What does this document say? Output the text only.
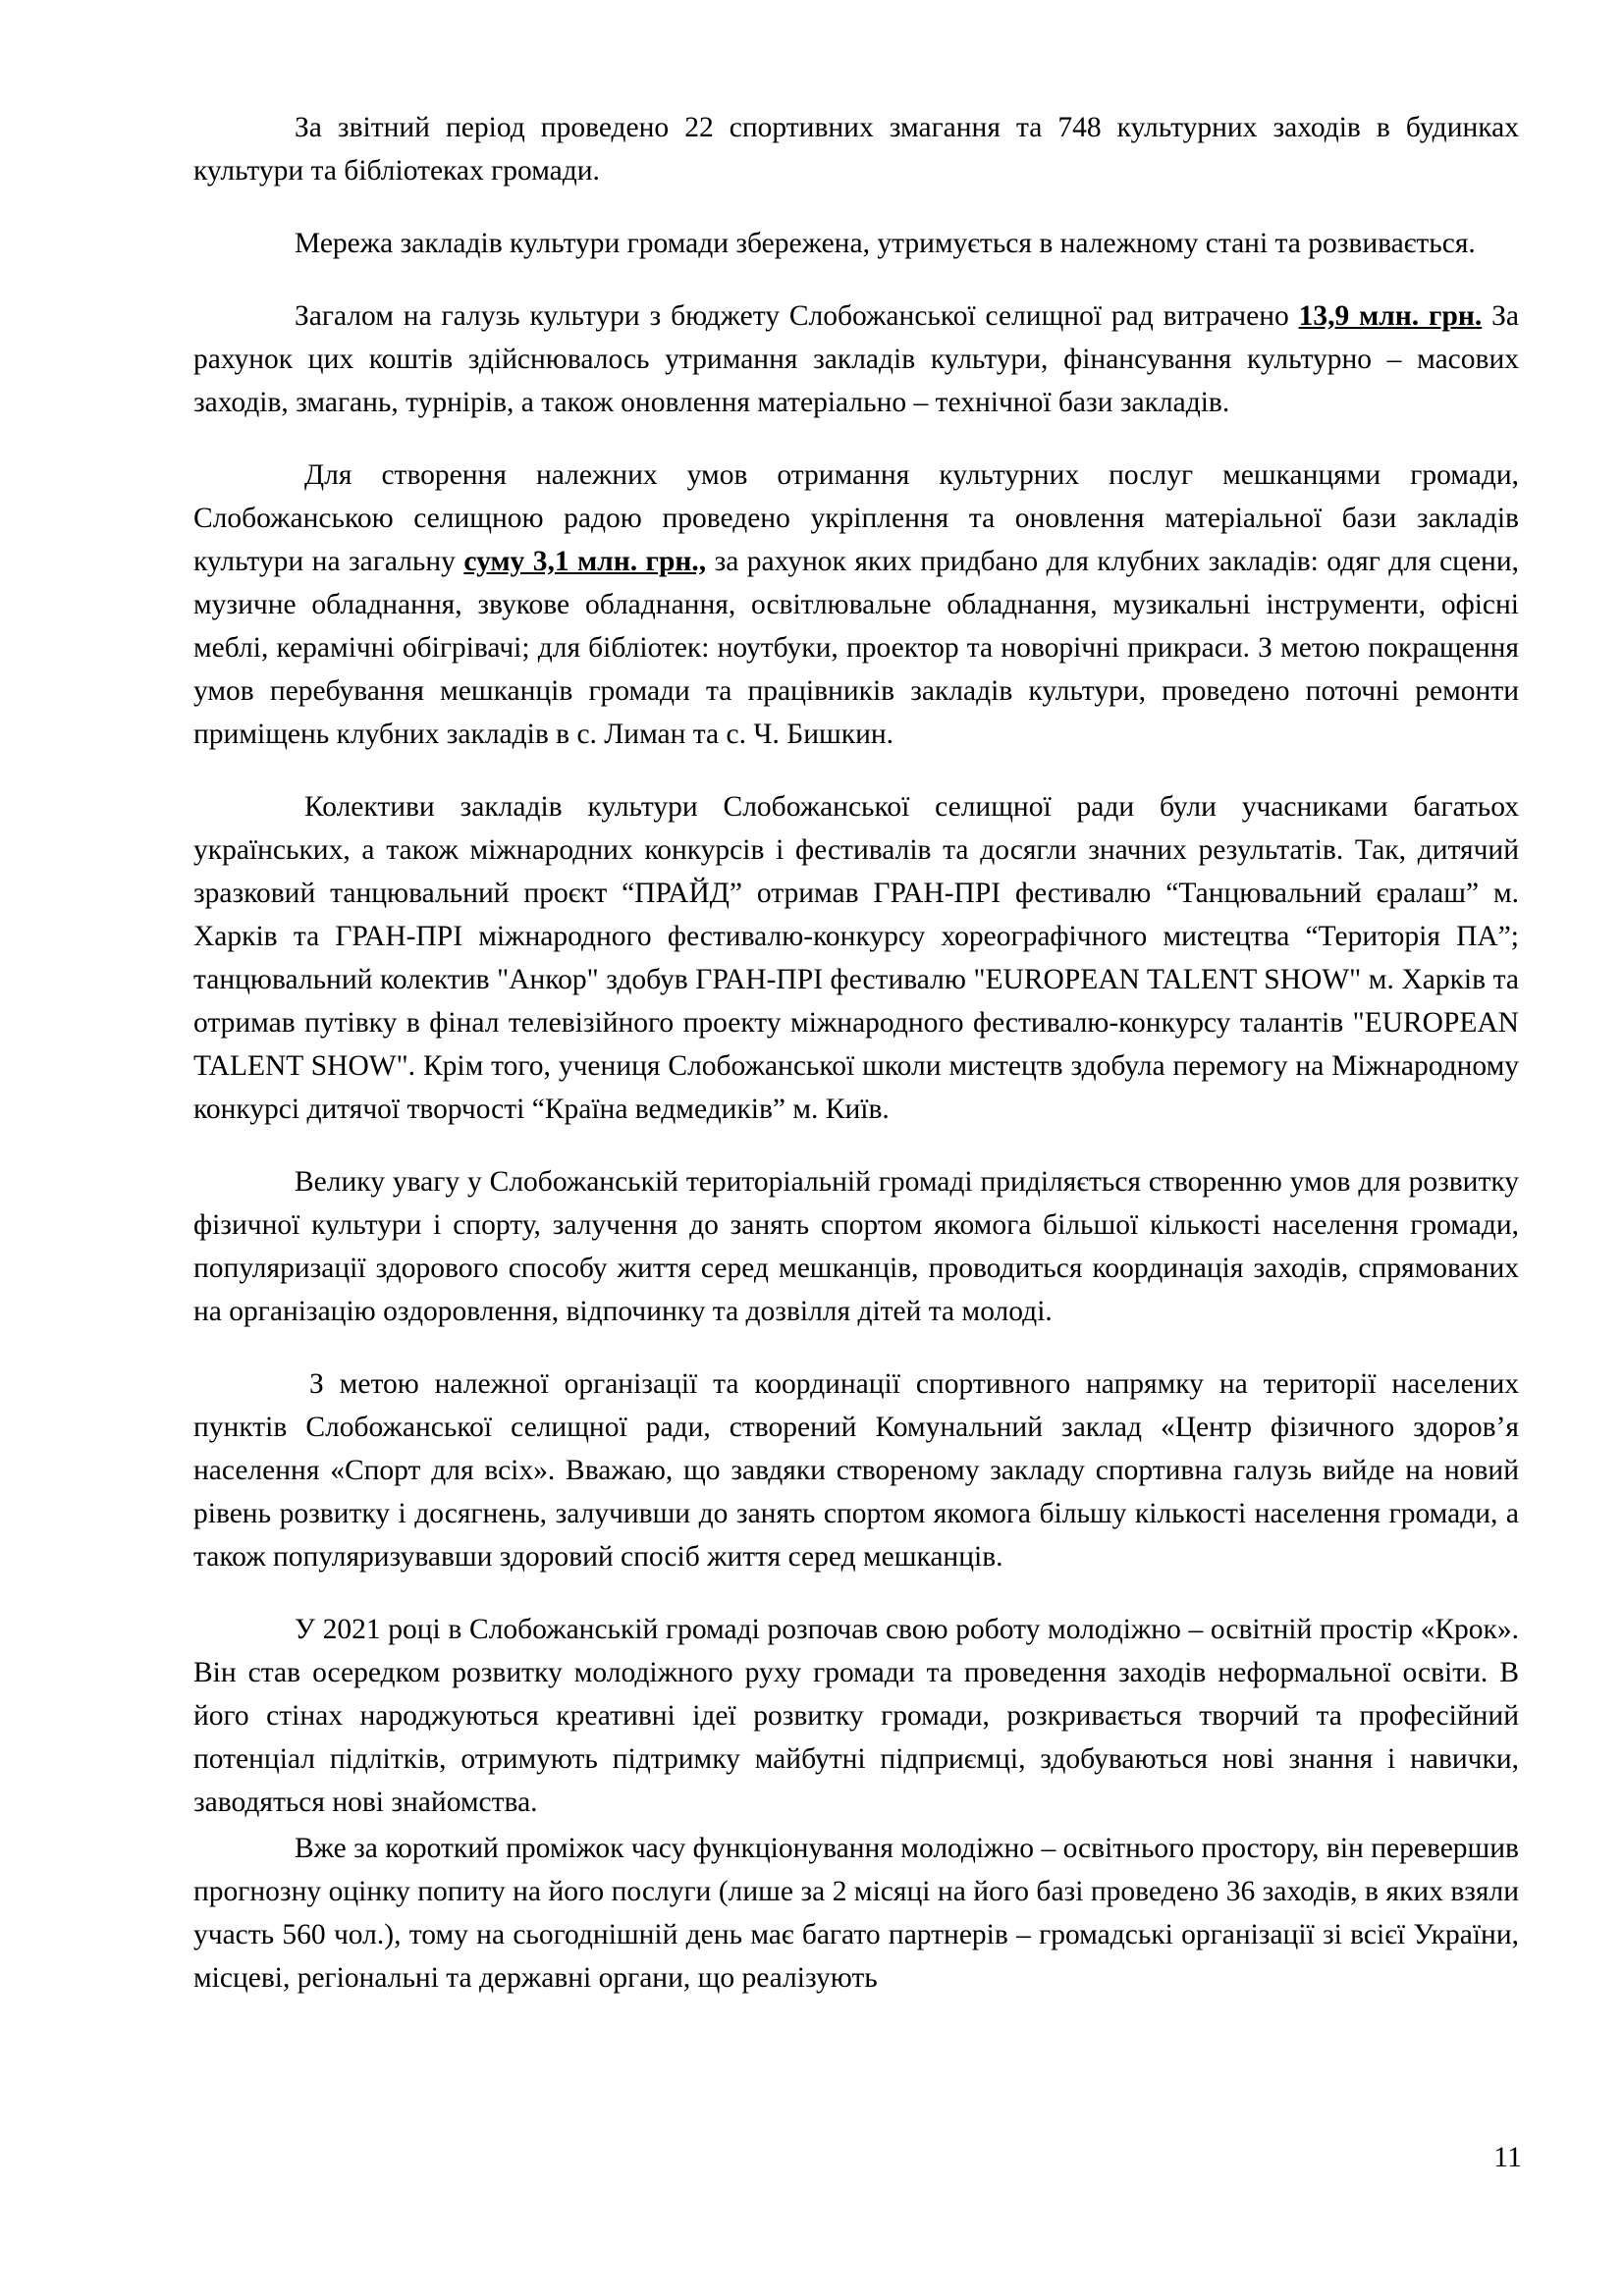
За звітний період проведено 22 спортивних змагання та 748 культурних заходів в будинках культури та бібліотеках громади.

Мережа закладів культури громади збережена, утримується в належному стані та розвивається.

Загалом на галузь культури з бюджету Слобожанської селищної рад витрачено 13,9 млн. грн. За рахунок цих коштів здійснювалось утримання закладів культури, фінансування культурно – масових заходів, змагань, турнірів, а також оновлення матеріально – технічної бази закладів.

Для створення належних умов отримання культурних послуг мешканцями громади, Слобожанською селищною радою проведено укріплення та оновлення матеріальної бази закладів культури на загальну суму 3,1 млн. грн., за рахунок яких придбано для клубних закладів: одяг для сцени, музичне обладнання, звукове обладнання, освітлювальне обладнання, музикальні інструменти, офісні меблі, керамічні обігрівачі; для бібліотек: ноутбуки, проектор та новорічні прикраси. З метою покращення умов перебування мешканців громади та працівників закладів культури, проведено поточні ремонти приміщень клубних закладів в с. Лиман та с. Ч. Бишкин.

Колективи закладів культури Слобожанської селищної ради були учасниками багатьох українських, а також міжнародних конкурсів і фестивалів та досягли значних результатів. Так, дитячий зразковий танцювальний проєкт “ПРАЙД” отримав ГРАН-ПРІ фестивалю “Танцювальний єралаш” м. Харків та ГРАН-ПРІ міжнародного фестивалю-конкурсу хореографічного мистецтва “Територія ПА”; танцювальний колектив "Анкор" здобув ГРАН-ПРІ фестивалю "EUROPEAN TALENT SHOW" м. Харків та отримав путівку в фінал телевізійного проекту міжнародного фестивалю-конкурсу талантів "EUROPEAN TALENT SHOW". Крім того, учениця Слобожанської школи мистецтв здобула перемогу на Міжнародному конкурсі дитячої творчості “Країна ведмедиків” м. Київ.

Велику увагу у Слобожанській територіальній громаді приділяється створенню умов для розвитку фізичної культури і спорту, залучення до занять спортом якомога більшої кількості населення громади, популяризації здорового способу життя серед мешканців, проводиться координація заходів, спрямованих на організацію оздоровлення, відпочинку та дозвілля дітей та молоді.

З метою належної організації та координації спортивного напрямку на території населених пунктів Слобожанської селищної ради, створений Комунальний заклад «Центр фізичного здоров’я населення «Спорт для всіх». Вважаю, що завдяки створеному закладу спортивна галузь вийде на новий рівень розвитку і досягнень, залучивши до занять спортом якомога більшу кількості населення громади, а також популяризувавши здоровий спосіб життя серед мешканців.

У 2021 році в Слобожанській громаді розпочав свою роботу молодіжно – освітній простір «Крок». Він став осередком розвитку молодіжного руху громади та проведення заходів неформальної освіти. В його стінах народжуються креативні ідеї розвитку громади, розкривається творчий та професійний потенціал підлітків, отримують підтримку майбутні підприємці, здобуваються нові знання і навички, заводяться нові знайомства.

Вже за короткий проміжок часу функціонування молодіжно – освітнього простору, він перевершив прогнозну оцінку попиту на його послуги (лише за 2 місяці на його базі проведено 36 заходів, в яких взяли участь 560 чол.), тому на сьогоднішній день має багато партнерів – громадські організації зі всієї України, місцеві, регіональні та державні органи, що реалізують

11
